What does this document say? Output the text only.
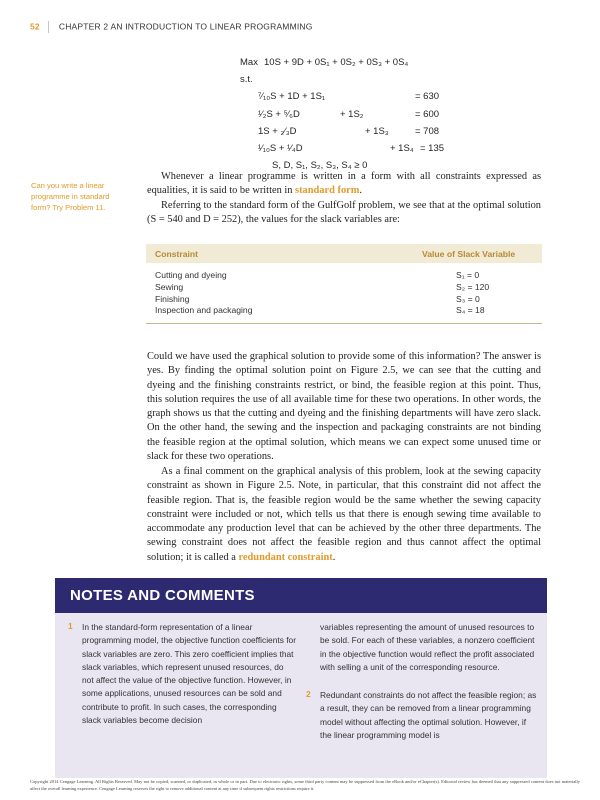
52 CHAPTER 2 AN INTRODUCTION TO LINEAR PROGRAMMING
Max 10S + 9D + 0S₁ + 0S₂ + 0S₃ + 0S₄
s.t.
⁷⁄₁₀S + 1D + 1S₁	= 630
¹⁄₂S + ⁵⁄₆D	+ 1S₂	= 600
1S + ₂⁄₃D	+ 1S₃	= 708
¹⁄₁₀S + ¹⁄₄D	+ 1S₄ = 135
S, D, S₁, S₂, S₃, S₄ ≥ 0
Can you write a linear programme in standard form? Try Problem 11.
Whenever a linear programme is written in a form with all constraints expressed as equalities, it is said to be written in standard form.
Referring to the standard form of the GulfGolf problem, we see that at the optimal solution (S = 540 and D = 252), the values for the slack variables are:
Constraint	Value of Slack Variable
Cutting and dyeing	S₁ = 0
Sewing	S₂ = 120
Finishing	S₃ = 0
Inspection and packaging	S₄ = 18
Could we have used the graphical solution to provide some of this information? The answer is yes. By finding the optimal solution point on Figure 2.5, we can see that the cutting and dyeing and the finishing constraints restrict, or bind, the feasible region at this point. Thus, this solution requires the use of all available time for these two operations. In other words, the graph shows us that the cutting and dyeing and the finishing departments will have zero slack. On the other hand, the sewing and the inspection and packaging constraints are not binding the feasible region at the optimal solution, which means we can expect some unused time or slack for these two operations.
As a final comment on the graphical analysis of this problem, look at the sewing capacity constraint as shown in Figure 2.5. Note, in particular, that this constraint did not affect the feasible region. That is, the feasible region would be the same whether the sewing capacity constraint were included or not, which tells us that there is enough sewing time available to accommodate any production level that can be achieved by the other three departments. The sewing constraint does not affect the feasible region and thus cannot affect the optimal solution; it is called a redundant constraint.
NOTES AND COMMENTS
1 In the standard-form representation of a linear programming model, the objective function coefficients for slack variables are zero. This zero coefficient implies that slack variables, which represent unused resources, do not affect the value of the objective function. However, in some applications, unused resources can be sold and contribute to profit. In such cases, the corresponding slack variables become decision
variables representing the amount of unused resources to be sold. For each of these variables, a nonzero coefficient in the objective function would reflect the profit associated with selling a unit of the corresponding resource.
2 Redundant constraints do not affect the feasible region; as a result, they can be removed from a linear programming model without affecting the optimal solution. However, if the linear programming model is
Copyright 2014 Cengage Learning. All Rights Reserved. May not be copied, scanned, or duplicated, in whole or in part. Due to electronic rights, some third party content may be suppressed from the eBook and/or eChapter(s). Editorial review has deemed that any suppressed content does not materially affect the overall learning experience. Cengage Learning reserves the right to remove additional content at any time if subsequent rights restrictions require it.
